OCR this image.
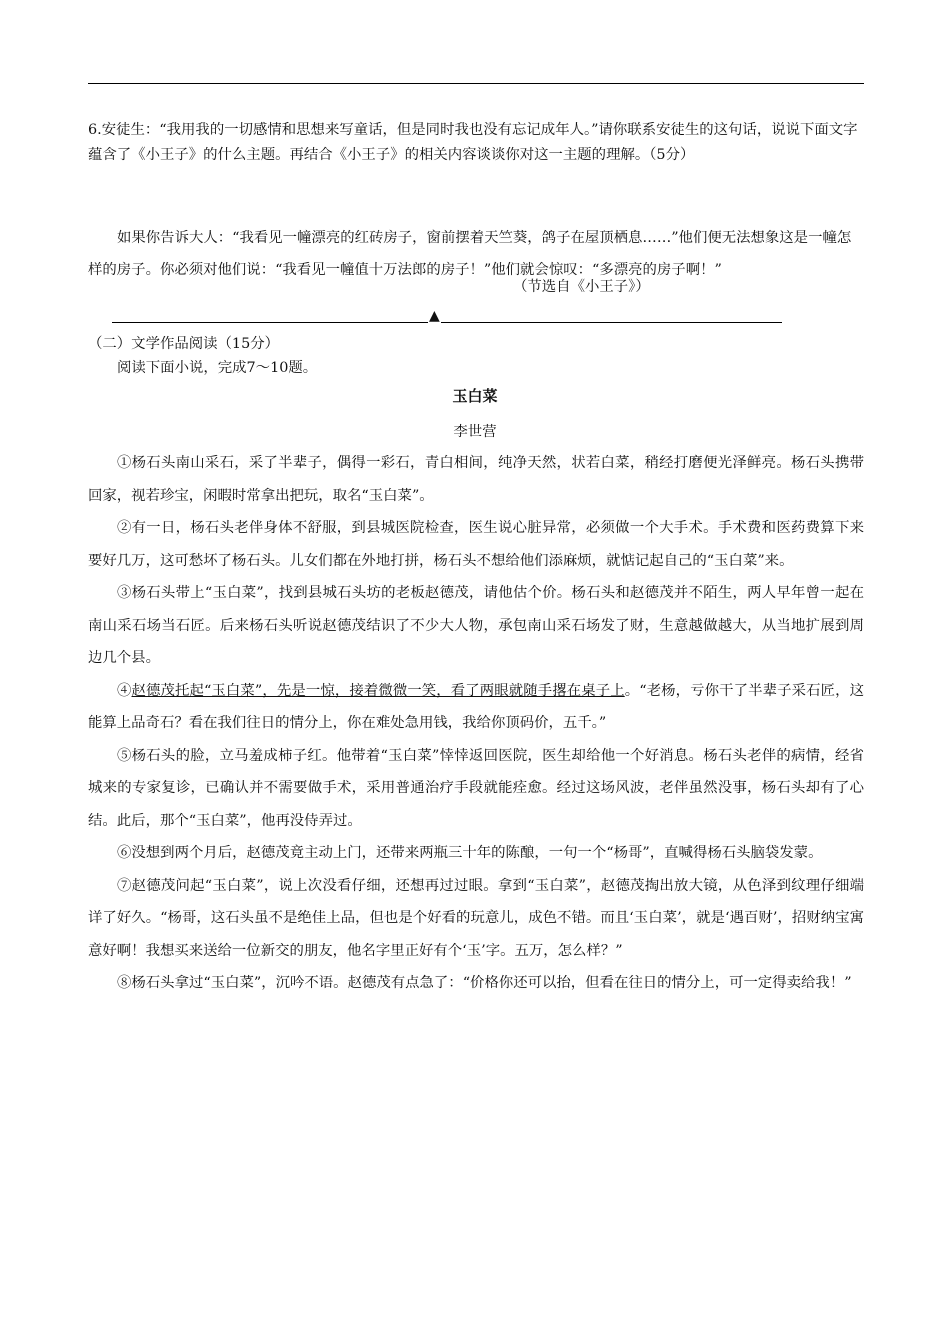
6.安徒生：“我用我的一切感情和思想来写童话，但是同时我也没有忘记成年人。”请你联系安徒生的这句话，说说下面文字蕴含了《小王子》的什么主题。再结合《小王子》的相关内容谈谈你对这一主题的理解。（5分）

如果你告诉大人：“我看见一幢漂亮的红砖房子，窗前摆着天竺葵，鸽子在屋顶栖息……”他们便无法想象这是一幢怎样的房子。你必须对他们说：“我看见一幢值十万法郎的房子！”他们就会惊叹：“多漂亮的房子啊！”

（节选自《小王子》）
▲
（二）文学作品阅读（15分）
阅读下面小说，完成7～10题。
玉白菜
李世营

①杨石头南山采石，采了半辈子，偶得一彩石，青白相间，纯净天然，状若白菜，稍经打磨便光泽鲜亮。杨石头携带回家，视若珍宝，闲暇时常拿出把玩，取名“玉白菜”。

②有一日，杨石头老伴身体不舒服，到县城医院检查，医生说心脏异常，必须做一个大手术。手术费和医药费算下来要好几万，这可愁坏了杨石头。儿女们都在外地打拼，杨石头不想给他们添麻烦，就惦记起自己的“玉白菜”来。

③杨石头带上“玉白菜”，找到县城石头坊的老板赵德茂，请他估个价。杨石头和赵德茂并不陌生，两人早年曾一起在南山采石场当石匠。后来杨石头听说赵德茂结识了不少大人物，承包南山采石场发了财，生意越做越大，从当地扩展到周边几个县。

④赵德茂托起“玉白菜”，先是一惊，接着微微一笑，看了两眼就随手撂在桌子上。“老杨，亏你干了半辈子采石匠，这能算上品奇石？看在我们往日的情分上，你在难处急用钱，我给你顶码价，五千。”

⑤杨石头的脸，立马羞成柿子红。他带着“玉白菜”悻悻返回医院，医生却给他一个好消息。杨石头老伴的病情，经省城来的专家复诊，已确认并不需要做手术，采用普通治疗手段就能痊愈。经过这场风波，老伴虽然没事，杨石头却有了心结。此后，那个“玉白菜”，他再没侍弄过。

⑥没想到两个月后，赵德茂竟主动上门，还带来两瓶三十年的陈酿，一句一个“杨哥”，直喊得杨石头脑袋发蒙。

⑦赵德茂问起“玉白菜”，说上次没看仔细，还想再过过眼。拿到“玉白菜”，赵德茂掏出放大镜，从色泽到纹理仔细端详了好久。“杨哥，这石头虽不是绝佳上品，但也是个好看的玩意儿，成色不错。而且‘玉白菜’，就是‘遇百财’，招财纳宝寓意好啊！我想买来送给一位新交的朋友，他名字里正好有个‘玉’字。五万，怎么样？”

⑧杨石头拿过“玉白菜”，沉吟不语。赵德茂有点急了：“价格你还可以抬，但看在往日的情分上，可一定得卖给我！”
